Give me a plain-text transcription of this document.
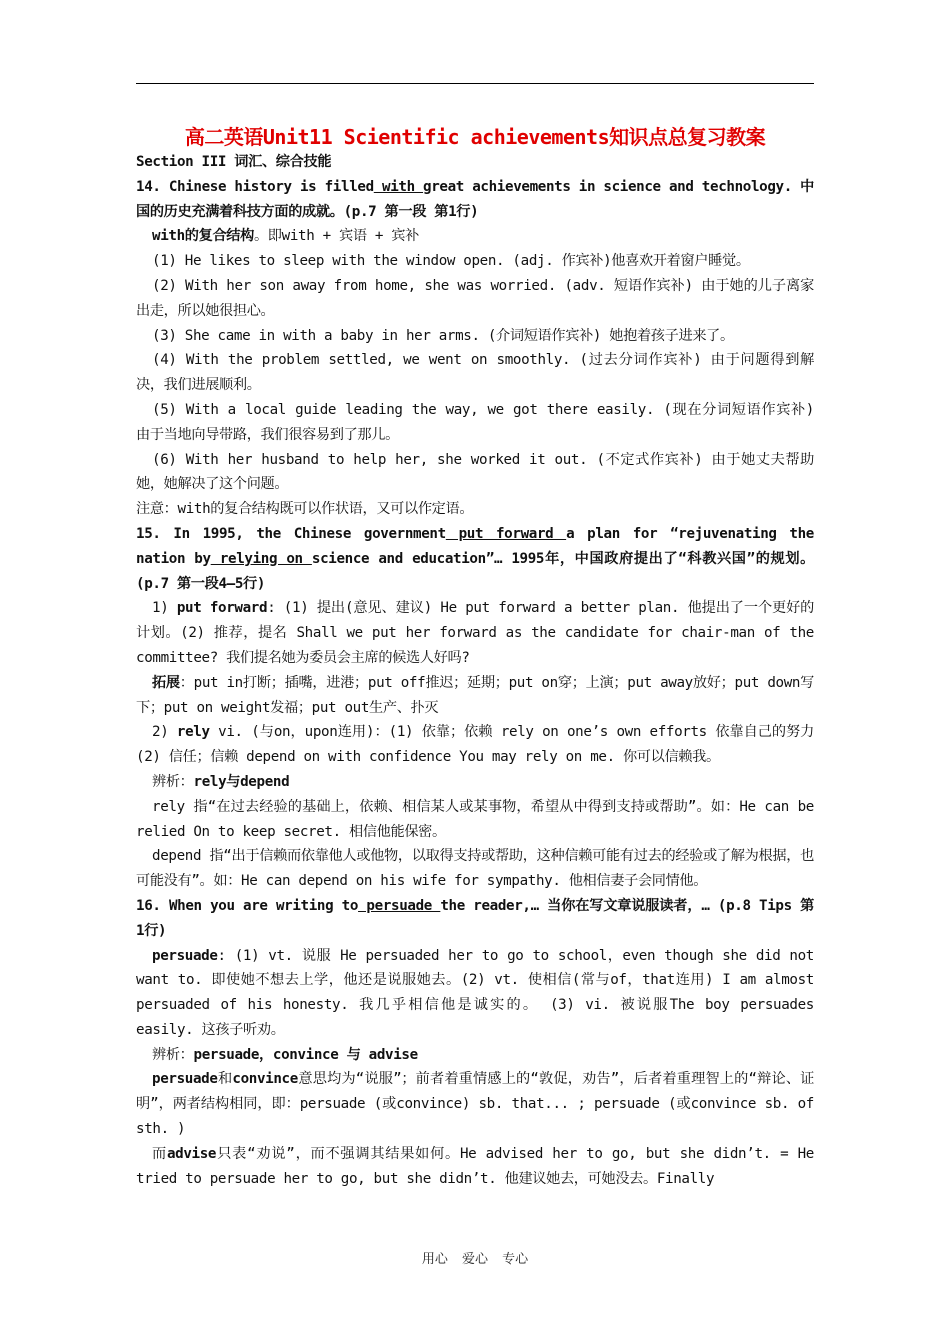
高二英语Unit11 Scientific achievements知识点总复习教案

Section III 词汇、综合技能

14. Chinese history is filled with great achievements in science and technology. 中国的历史充满着科技方面的成就。(p.7 第一段 第1行)

with的复合结构。即with + 宾语 + 宾补

(1) He likes to sleep with the window open. (adj. 作宾补)他喜欢开着窗户睡觉。

(2) With her son away from home, she was worried. (adv. 短语作宾补) 由于她的儿子离家出走，所以她很担心。

(3) She came in with a baby in her arms. (介词短语作宾补) 她抱着孩子进来了。

(4) With the problem settled, we went on smoothly. (过去分词作宾补) 由于问题得到解决，我们进展顺利。

(5) With a local guide leading the way, we got there easily. (现在分词短语作宾补) 由于当地向导带路，我们很容易到了那儿。

(6) With her husband to help her, she worked it out. (不定式作宾补) 由于她丈夫帮助她，她解决了这个问题。

注意：with的复合结构既可以作状语，又可以作定语。

15. In 1995, the Chinese government put forward a plan for “rejuvenating the nation by relying on science and education”… 1995年，中国政府提出了“科教兴国”的规划。(p.7 第一段4—5行)

1) put forward: (1) 提出(意见、建议) He put forward a better plan. 他提出了一个更好的计划。(2) 推荐，提名 Shall we put her forward as the candidate for chair-man of the committee? 我们提名她为委员会主席的候选人好吗?

拓展：put in打断；插嘴，进港；put off推迟；延期；put on穿；上演；put away放好；put down写下；put on weight发福；put out生产、扑灭

2) rely vi. (与on，upon连用)：(1) 依靠；依赖 rely on one’s own efforts 依靠自己的努力(2) 信任；信赖 depend on with confidence You may rely on me. 你可以信赖我。

辨析：rely与depend

rely 指“在过去经验的基础上，依赖、相信某人或某事物，希望从中得到支持或帮助”。如：He can be relied On to keep secret. 相信他能保密。

depend 指“出于信赖而依靠他人或他物，以取得支持或帮助，这种信赖可能有过去的经验或了解为根据，也可能没有”。如：He can depend on his wife for sympathy. 他相信妻子会同情他。

16. When you are writing to persuade the reader,… 当你在写文章说服读者，… (p.8 Tips 第1行)

persuade: (1) vt. 说服 He persuaded her to go to school，even though she did not want to. 即使她不想去上学，他还是说服她去。(2) vt. 使相信(常与of，that连用) I am almost persuaded of his honesty. 我几乎相信他是诚实的。 (3) vi. 被说服The boy persuades easily. 这孩子听劝。

辨析：persuade，convince 与 advise

persuade和convince意思均为“说服”；前者着重情感上的“敦促，劝告”，后者着重理智上的“辩论、证明”，两者结构相同，即：persuade (或convince) sb. that... ; persuade (或convince sb. of sth. )

而advise只表“劝说”，而不强调其结果如何。He advised her to go, but she didn’t. = He tried to persuade her to go, but she didn’t. 他建议她去，可她没去。Finally

用心 爱心 专心
